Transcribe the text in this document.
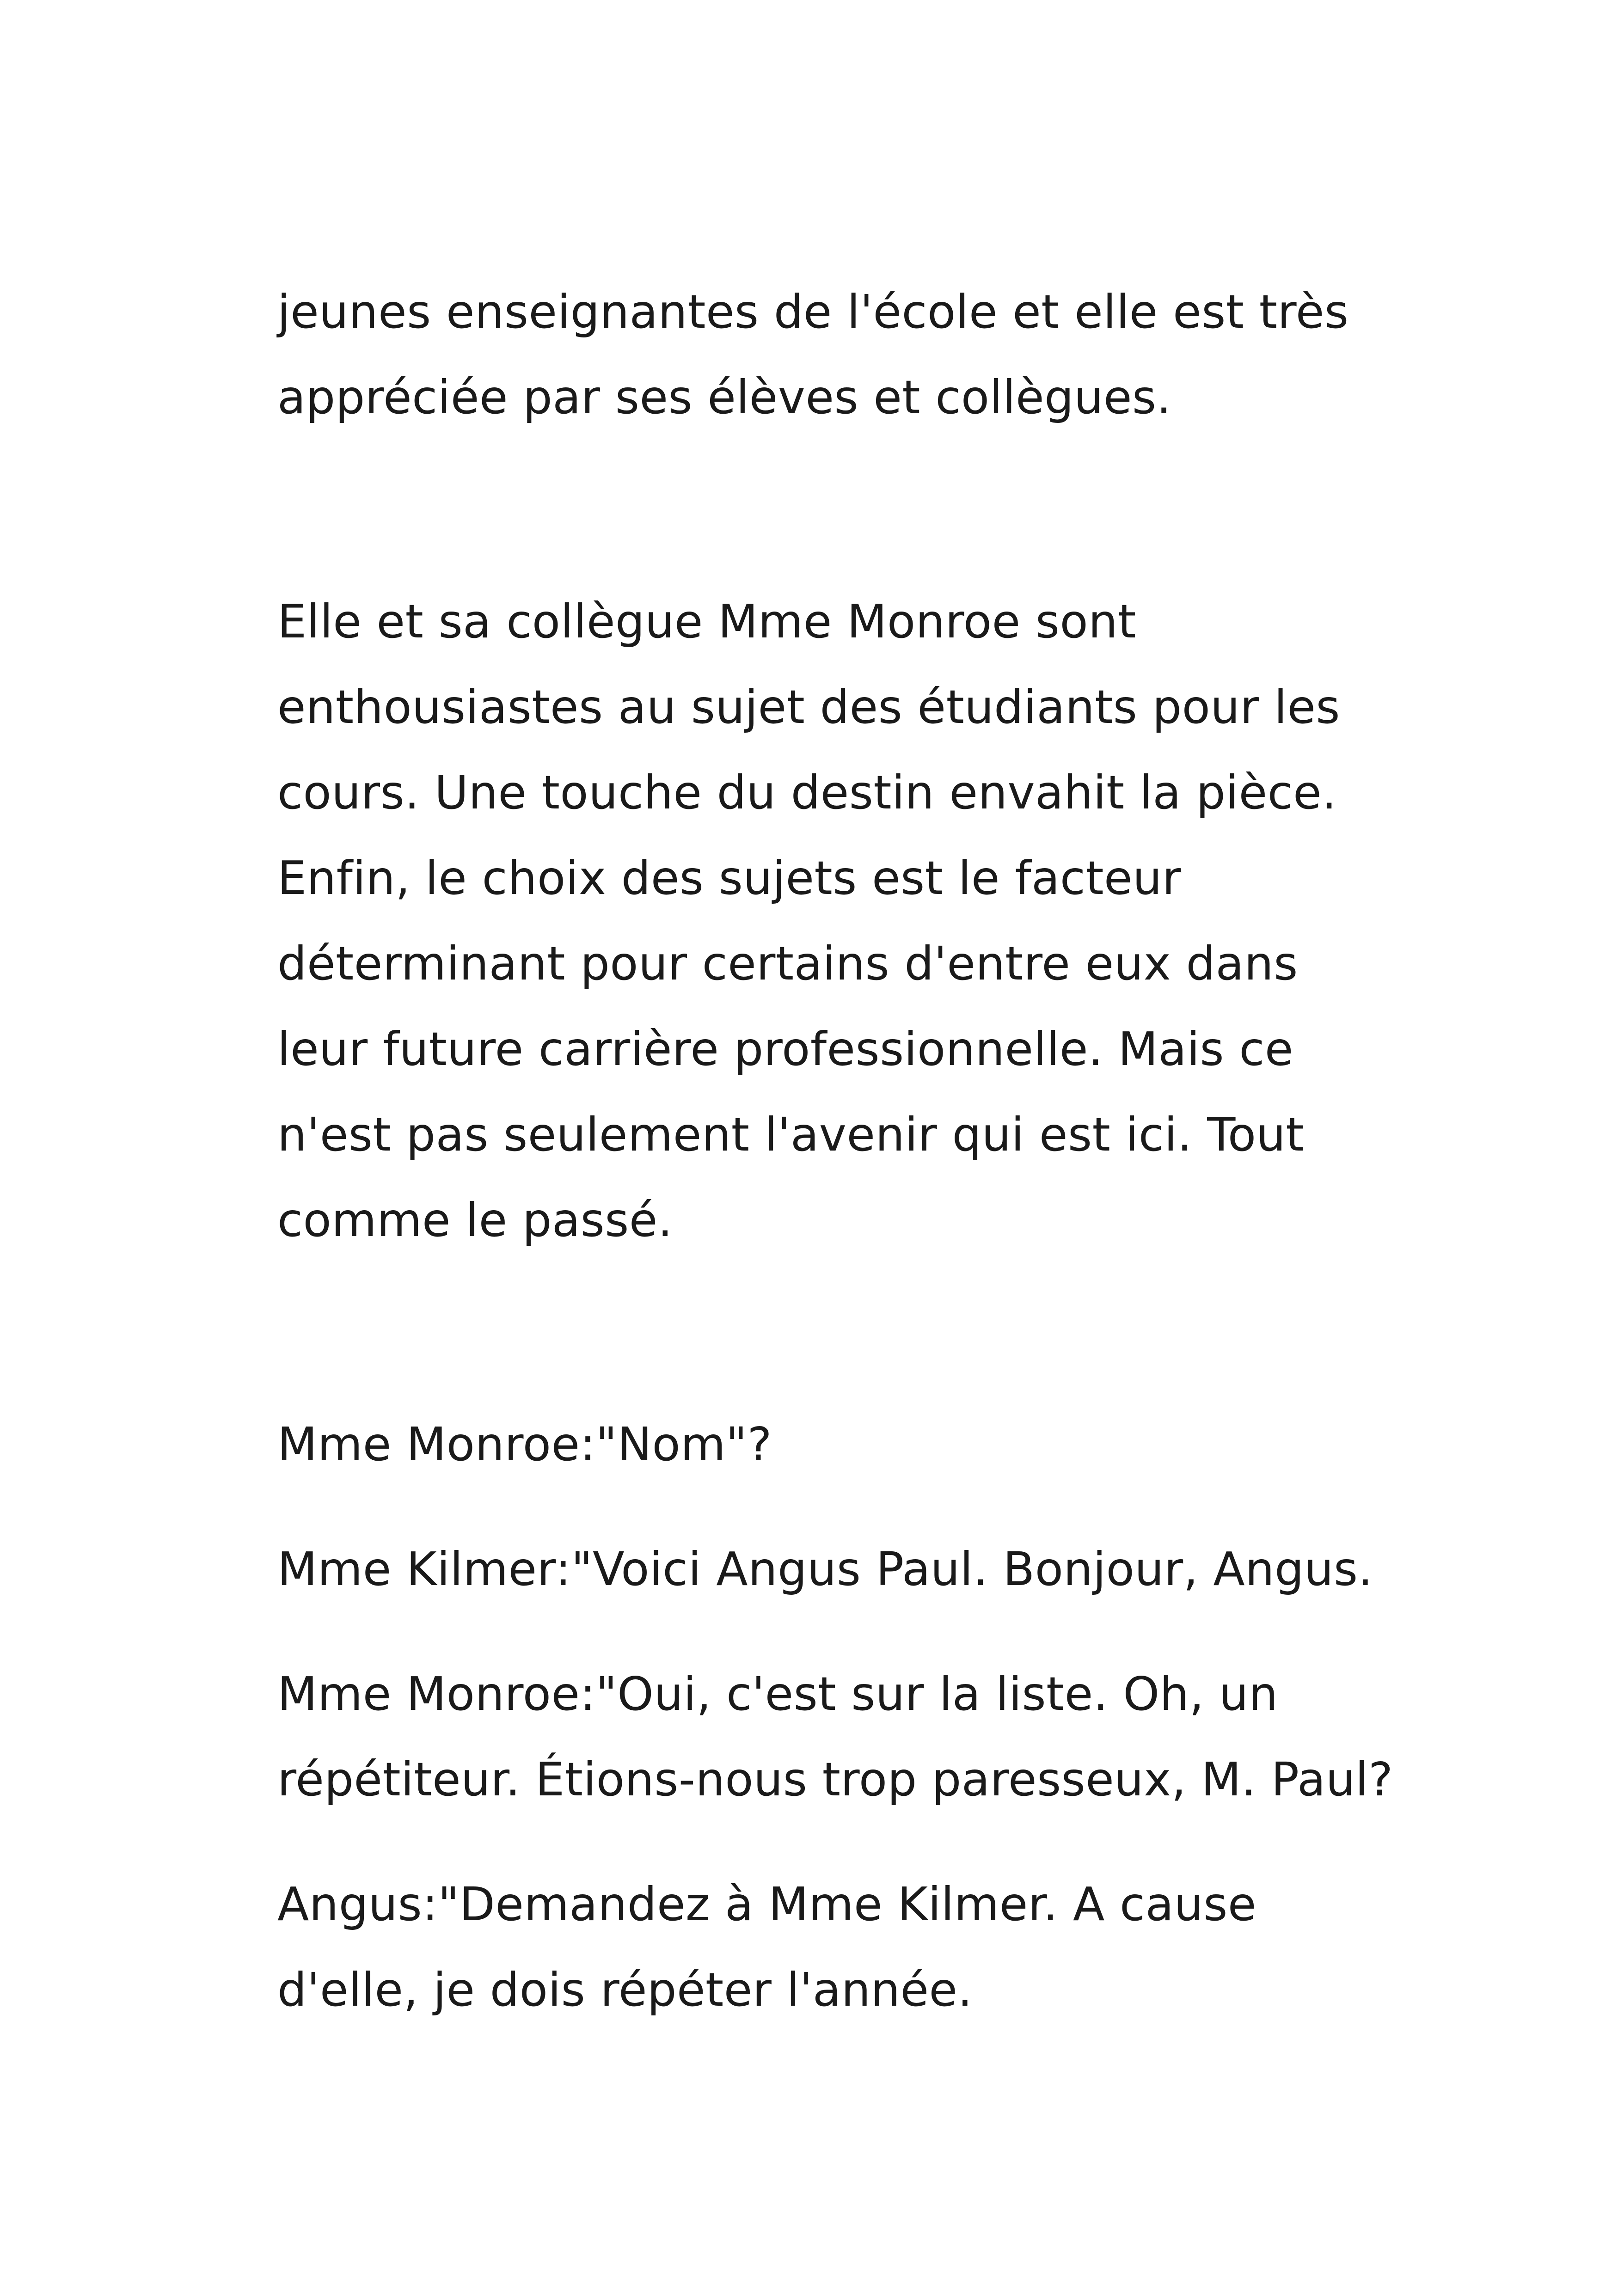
jeunes enseignantes de l'école et elle est très

appréciée par ses élèves et collègues.

Elle et sa collègue Mme Monroe sont

enthousiastes au sujet des étudiants pour les

cours. Une touche du destin envahit la pièce.

Enfin, le choix des sujets est le facteur

déterminant pour certains d'entre eux dans

leur future carrière professionnelle. Mais ce

n'est pas seulement l'avenir qui est ici. Tout

comme le passé.

Mme Monroe:"Nom"?

Mme Kilmer:"Voici Angus Paul. Bonjour, Angus.

Mme Monroe:"Oui, c'est sur la liste. Oh, un

répétiteur. Étions-nous trop paresseux, M. Paul?

Angus:"Demandez à Mme Kilmer. A cause

d'elle, je dois répéter l'année.
